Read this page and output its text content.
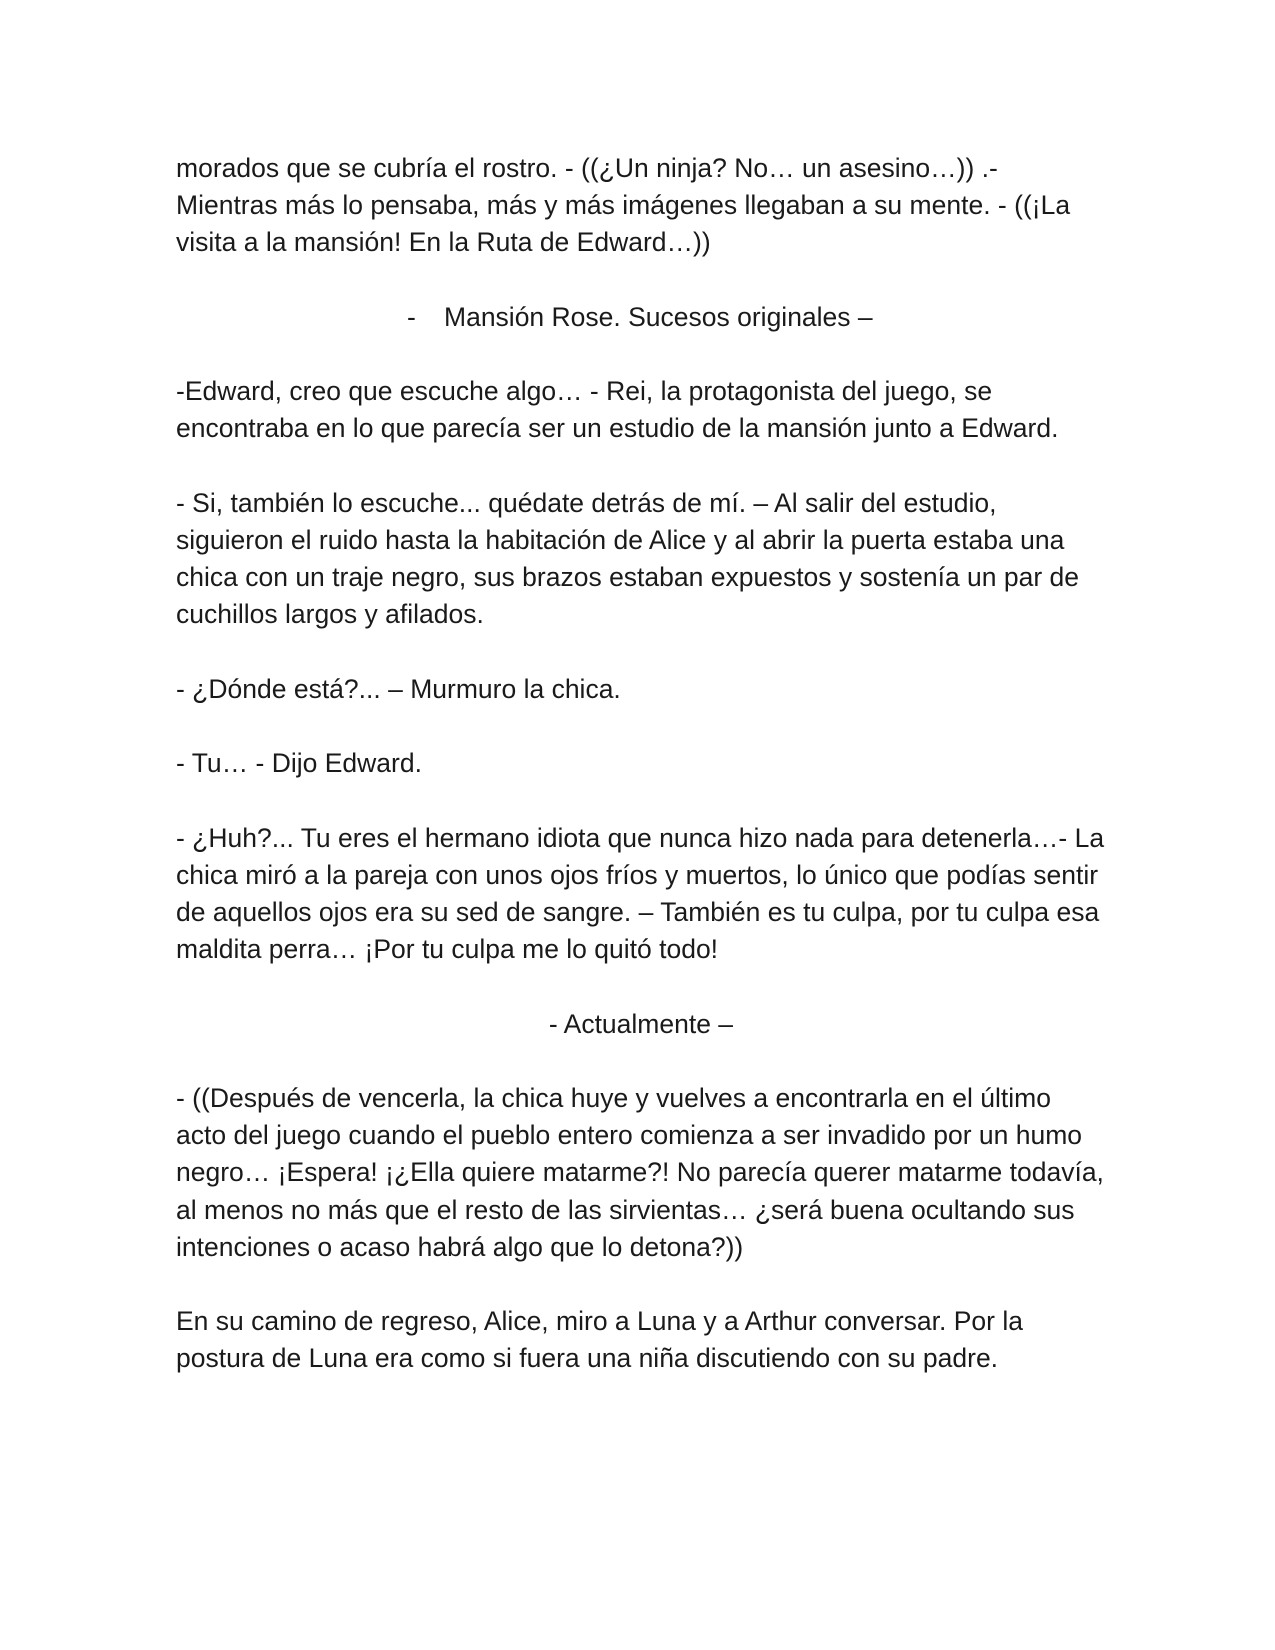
morados que se cubría el rostro. - ((¿Un ninja? No… un asesino…)) .- Mientras más lo pensaba, más y más imágenes llegaban a su mente. - ((¡La visita a la mansión! En la Ruta de Edward…))

- Mansión Rose. Sucesos originales –

-Edward, creo que escuche algo… - Rei, la protagonista del juego, se encontraba en lo que parecía ser un estudio de la mansión junto a Edward.

- Si, también lo escuche... quédate detrás de mí. – Al salir del estudio, siguieron el ruido hasta la habitación de Alice y al abrir la puerta estaba una chica con un traje negro, sus brazos estaban expuestos y sostenía un par de cuchillos largos y afilados.

- ¿Dónde está?... – Murmuro la chica.

- Tu… - Dijo Edward.

- ¿Huh?... Tu eres el hermano idiota que nunca hizo nada para detenerla…- La chica miró a la pareja con unos ojos fríos y muertos, lo único que podías sentir de aquellos ojos era su sed de sangre. – También es tu culpa, por tu culpa esa maldita perra… ¡Por tu culpa me lo quitó todo!

- Actualmente –

- ((Después de vencerla, la chica huye y vuelves a encontrarla en el último acto del juego cuando el pueblo entero comienza a ser invadido por un humo negro… ¡Espera! ¡¿Ella quiere matarme?! No parecía querer matarme todavía, al menos no más que el resto de las sirvientas… ¿será buena ocultando sus intenciones o acaso habrá algo que lo detona?))

En su camino de regreso, Alice, miro a Luna y a Arthur conversar. Por la postura de Luna era como si fuera una niña discutiendo con su padre.
